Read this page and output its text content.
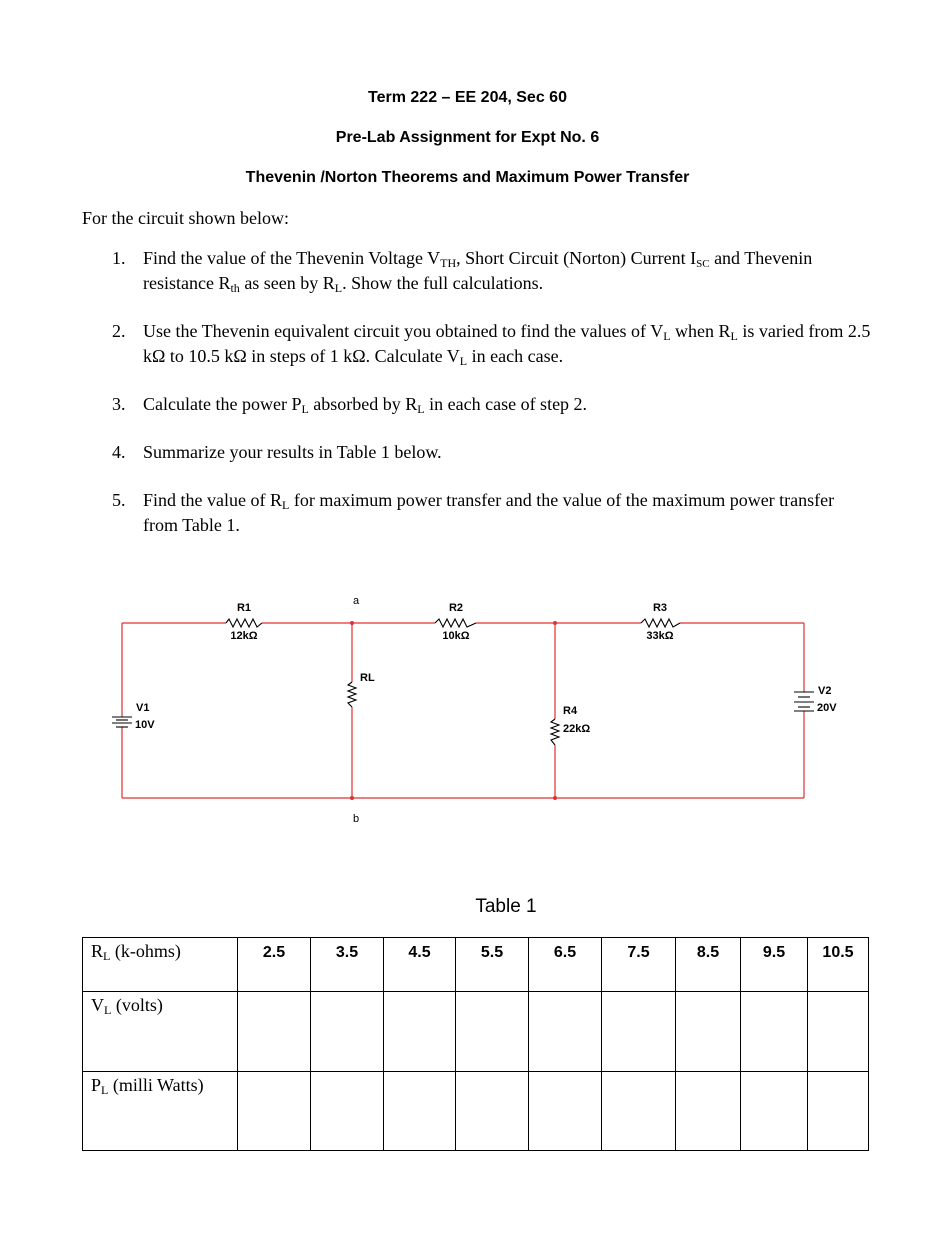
Term 222 – EE 204, Sec 60
Pre-Lab Assignment for Expt No. 6
Thevenin /Norton Theorems and Maximum Power Transfer
For the circuit shown below:
1. Find the value of the Thevenin Voltage $V_{TH}$, Short Circuit (Norton) Current $I_{SC}$ and Thevenin resistance $R_{th}$ as seen by $R_L$. Show the full calculations.
2. Use the Thevenin equivalent circuit you obtained to find the values of $V_L$ when $R_L$ is varied from 2.5 kΩ to 10.5 kΩ in steps of 1 kΩ. Calculate $V_L$ in each case.
3. Calculate the power $P_L$ absorbed by $R_L$ in each case of step 2.
4. Summarize your results in Table 1 below.
5. Find the value of $R_L$ for maximum power transfer and the value of the maximum power transfer from Table 1.
R1
12kΩ
R2
10kΩ
R3
33kΩ
RL
R4
22kΩ
V1
10V
V2
20V
a
b
Table 1
$R_L$ (k-ohms)	2.5	3.5	4.5	5.5	6.5	7.5	8.5	9.5	10.5
$V_L$ (volts)									
$P_L$ (milli Watts)									
